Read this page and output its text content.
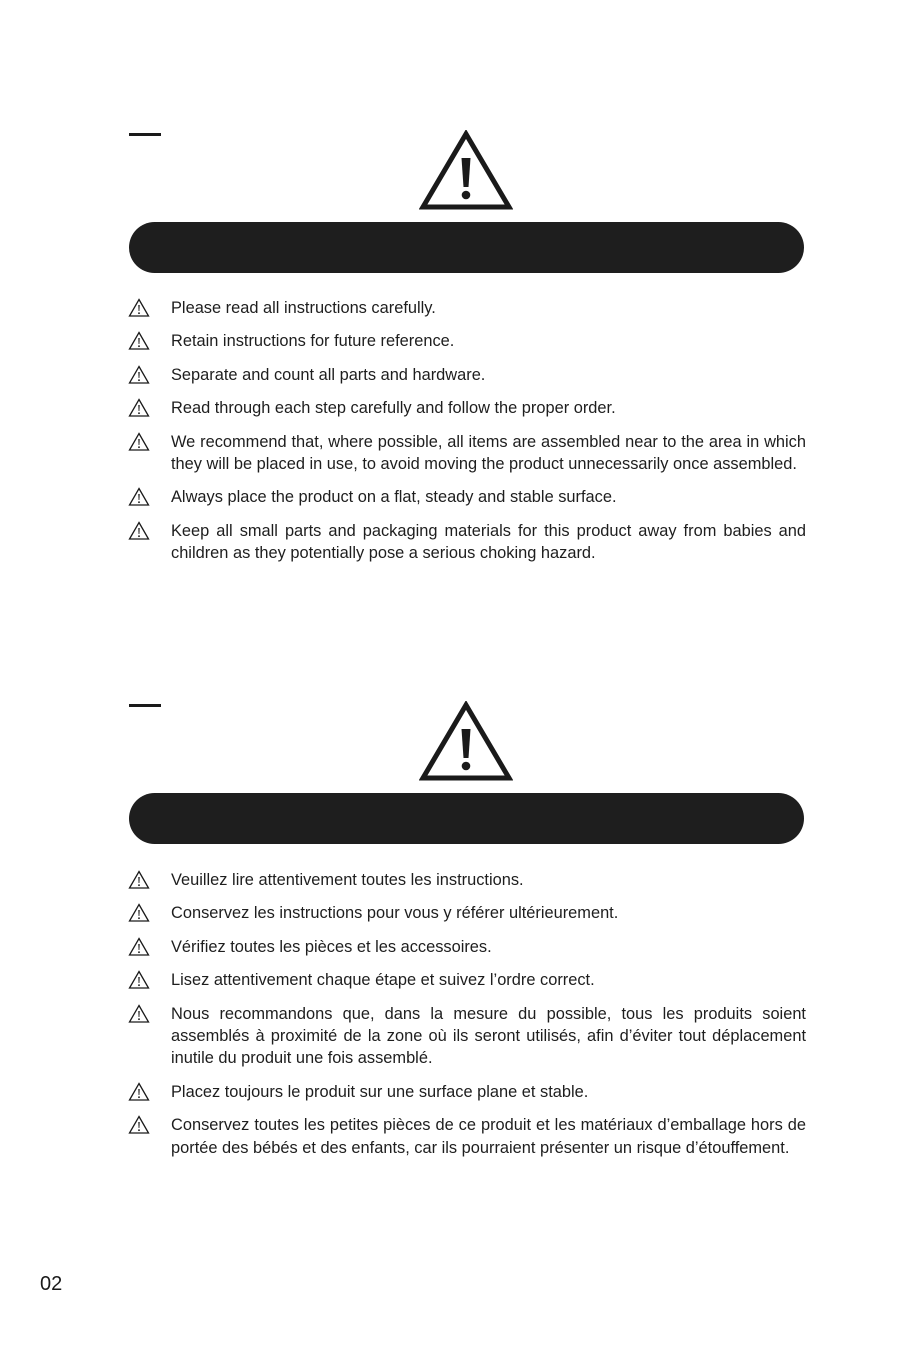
Please read all instructions carefully.
Retain instructions for future reference.
Separate and count all parts and hardware.
Read through each step carefully and follow the proper order.
We recommend that, where possible, all items are assembled near to the area in which they will be placed in use, to avoid moving the product unnecessarily once assembled.
Always place the product on a flat, steady and stable surface.
Keep all small parts and packaging materials for this product away from babies and children as they potentially pose a serious choking hazard.
Veuillez lire attentivement toutes les instructions.
Conservez les instructions pour vous y référer ultérieurement.
Vérifiez toutes les pièces et les accessoires.
Lisez attentivement chaque étape et suivez l’ordre correct.
Nous recommandons que, dans la mesure du possible, tous les produits soient assemblés à proximité de la zone où ils seront utilisés, afin d’éviter tout déplacement inutile du produit une fois assemblé.
Placez toujours le produit sur une surface plane et stable.
Conservez toutes les petites pièces de ce produit et les matériaux d’emballage hors de portée des bébés et des enfants, car ils pourraient présenter un risque d’étouffement.
02
